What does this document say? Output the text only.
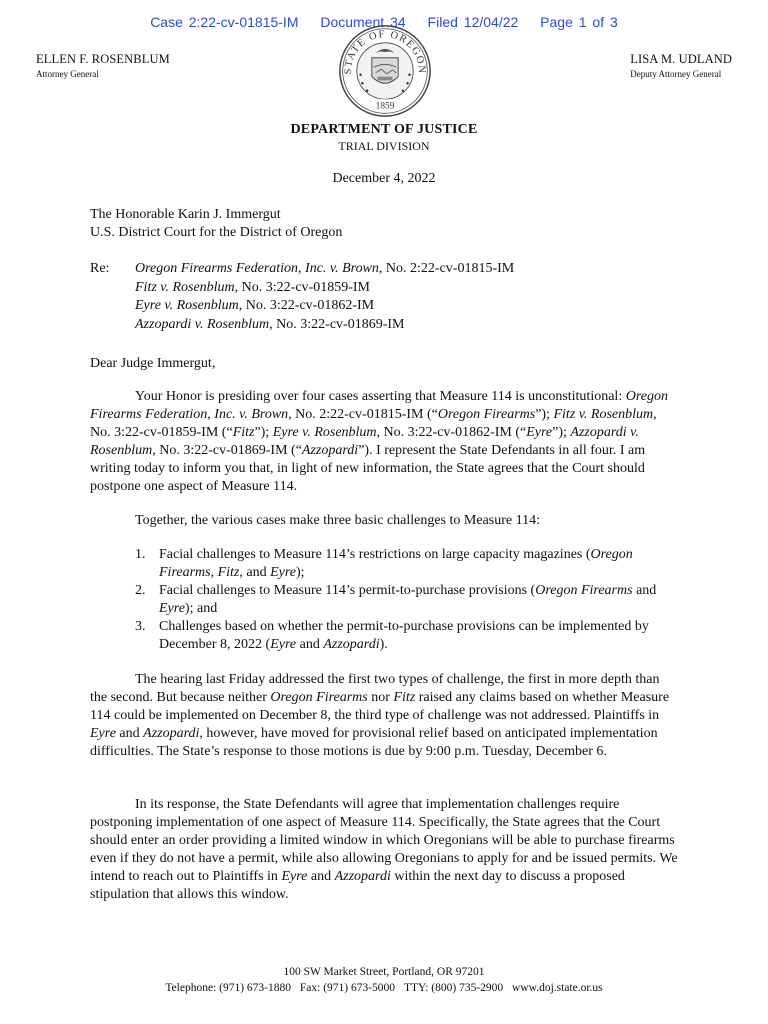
Case 2:22-cv-01815-IM Document 34 Filed 12/04/22 Page 1 of 3
ELLEN F. ROSENBLUM
Attorney General	STATE OF OREGON
1859
LISA M. UDLAND
Deputy Attorney General
DEPARTMENT OF JUSTICE
TRIAL DIVISION
December 4, 2022
The Honorable Karin J. Immergut
U.S. District Court for the District of Oregon
Re:	Oregon Firearms Federation, Inc. v. Brown, No. 2:22-cv-01815-IM
Fitz v. Rosenblum, No. 3:22-cv-01859-IM
Eyre v. Rosenblum, No. 3:22-cv-01862-IM
Azzopardi v. Rosenblum, No. 3:22-cv-01869-IM
Dear Judge Immergut,
Your Honor is presiding over four cases asserting that Measure 114 is unconstitutional: Oregon Firearms Federation, Inc. v. Brown, No. 2:22-cv-01815-IM (“Oregon Firearms”); Fitz v. Rosenblum, No. 3:22-cv-01859-IM (“Fitz”); Eyre v. Rosenblum, No. 3:22-cv-01862-IM (“Eyre”); Azzopardi v. Rosenblum, No. 3:22-cv-01869-IM (“Azzopardi”). I represent the State Defendants in all four. I am writing today to inform you that, in light of new information, the State agrees that the Court should postpone one aspect of Measure 114.
Together, the various cases make three basic challenges to Measure 114:
1. Facial challenges to Measure 114’s restrictions on large capacity magazines (Oregon Firearms, Fitz, and Eyre);
2. Facial challenges to Measure 114’s permit-to-purchase provisions (Oregon Firearms and Eyre); and
3. Challenges based on whether the permit-to-purchase provisions can be implemented by December 8, 2022 (Eyre and Azzopardi).
The hearing last Friday addressed the first two types of challenge, the first in more depth than the second. But because neither Oregon Firearms nor Fitz raised any claims based on whether Measure 114 could be implemented on December 8, the third type of challenge was not addressed. Plaintiffs in Eyre and Azzopardi, however, have moved for provisional relief based on anticipated implementation difficulties. The State’s response to those motions is due by 9:00 p.m. Tuesday, December 6.
In its response, the State Defendants will agree that implementation challenges require postponing implementation of one aspect of Measure 114. Specifically, the State agrees that the Court should enter an order providing a limited window in which Oregonians will be able to purchase firearms even if they do not have a permit, while also allowing Oregonians to apply for and be issued permits. We intend to reach out to Plaintiffs in Eyre and Azzopardi within the next day to discuss a proposed stipulation that allows this window.
100 SW Market Street, Portland, OR 97201
Telephone: (971) 673-1880 Fax: (971) 673-5000 TTY: (800) 735-2900 www.doj.state.or.us
